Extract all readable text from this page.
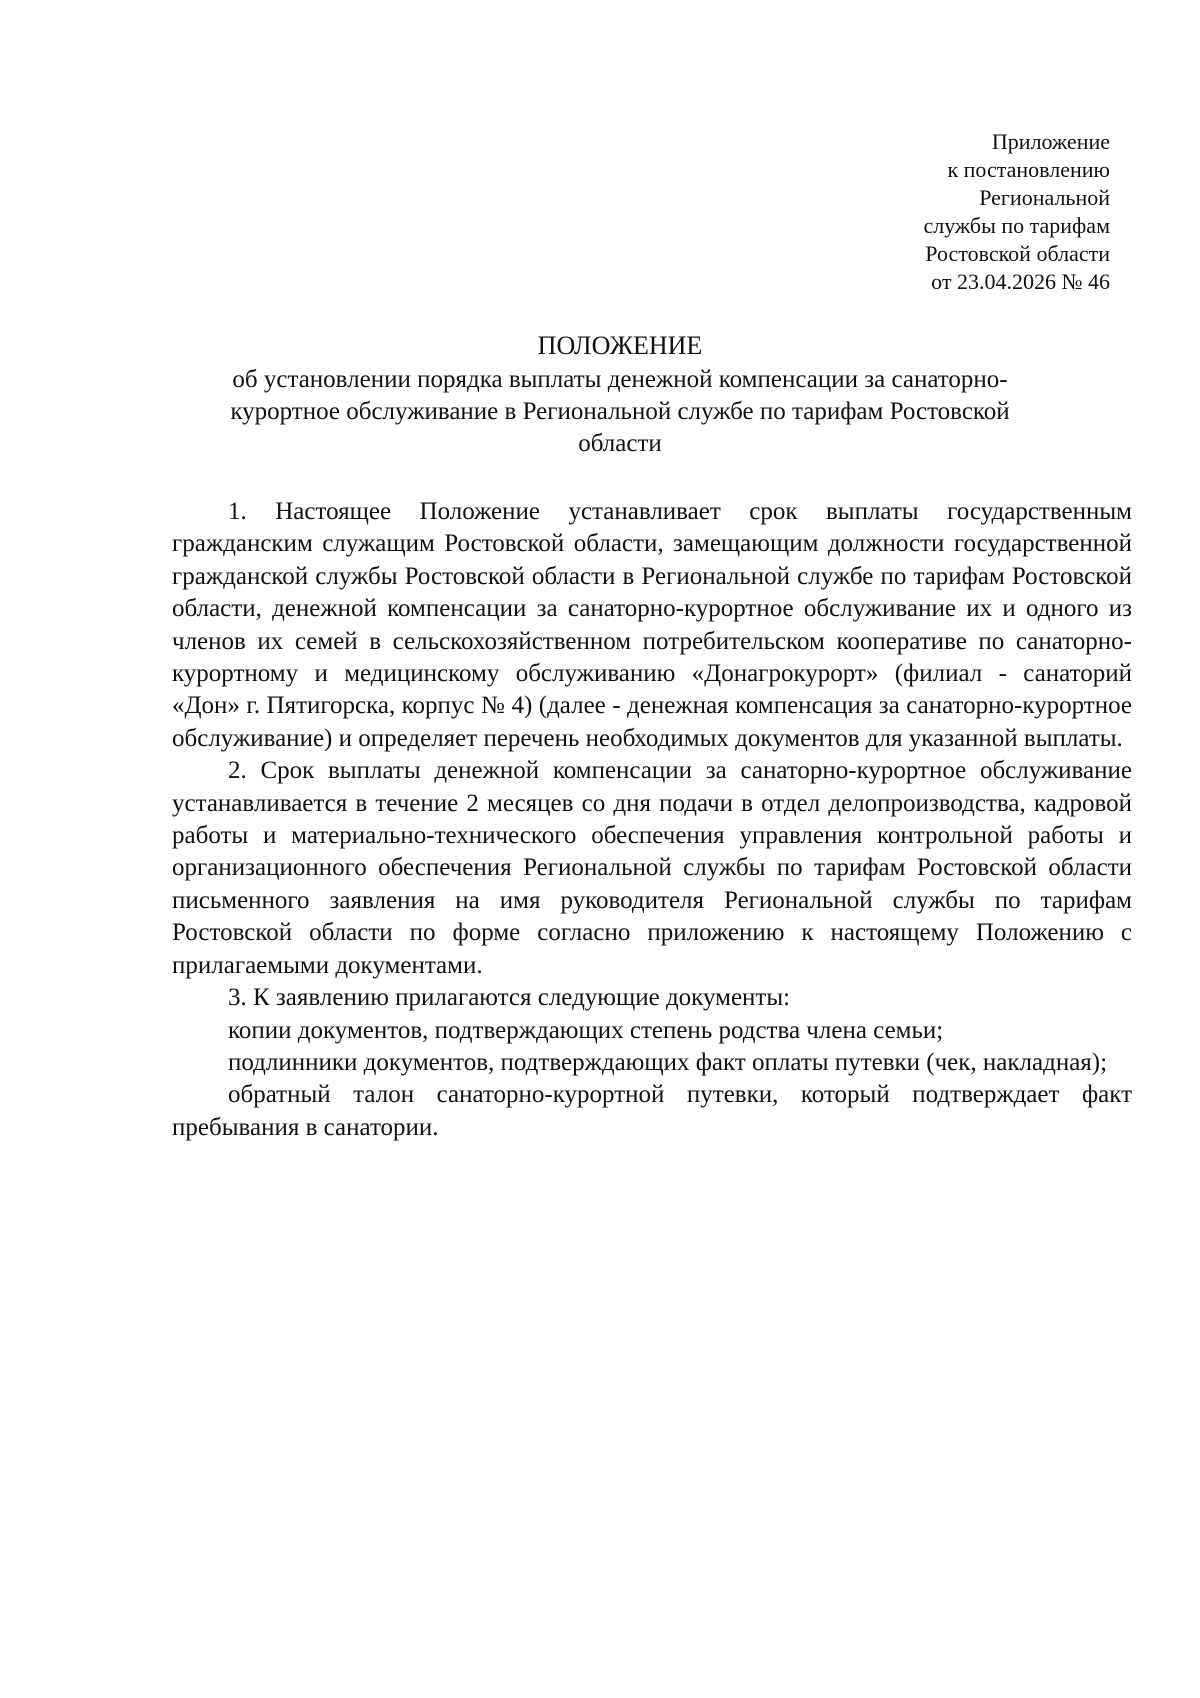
Приложение
к постановлению
Региональной
службы по тарифам
Ростовской области
от 23.04.2026 № 46
ПОЛОЖЕНИЕ
об установлении порядка выплаты денежной компенсации за санаторно-
курортное обслуживание в Региональной службе по тарифам Ростовской
области

1. Настоящее Положение устанавливает срок выплаты государственным гражданским служащим Ростовской области, замещающим должности государственной гражданской службы Ростовской области в Региональной службе по тарифам Ростовской области, денежной компенсации за санаторно-курортное обслуживание их и одного из членов их семей в сельскохозяйственном потребительском кооперативе по санаторно-курортному и медицинскому обслуживанию «Донагрокурорт» (филиал - санаторий «Дон» г. Пятигорска, корпус № 4) (далее - денежная компенсация за санаторно-курортное обслуживание) и определяет перечень необходимых документов для указанной выплаты.

2. Срок выплаты денежной компенсации за санаторно-курортное обслуживание устанавливается в течение 2 месяцев со дня подачи в отдел делопроизводства, кадровой работы и материально-технического обеспечения управления контрольной работы и организационного обеспечения Региональной службы по тарифам Ростовской области письменного заявления на имя руководителя Региональной службы по тарифам Ростовской области по форме согласно приложению к настоящему Положению с прилагаемыми документами.

3. К заявлению прилагаются следующие документы:

копии документов, подтверждающих степень родства члена семьи;

подлинники документов, подтверждающих факт оплаты путевки (чек, накладная);

обратный талон санаторно-курортной путевки, который подтверждает факт пребывания в санатории.
